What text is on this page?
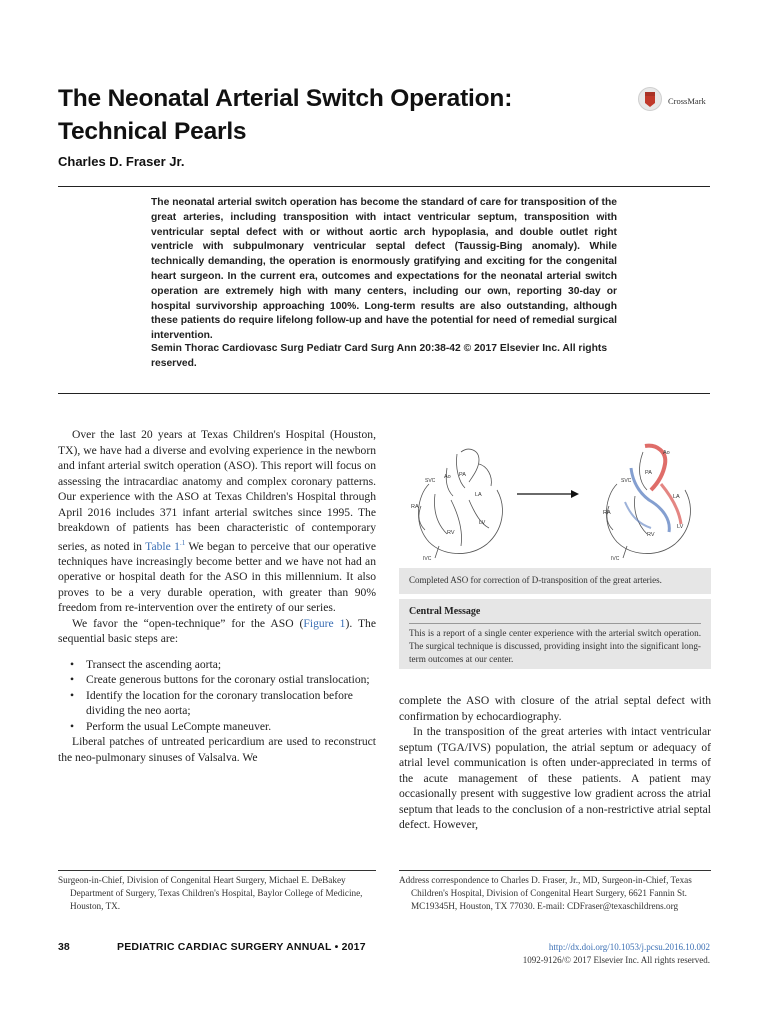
The Neonatal Arterial Switch Operation:
Technical Pearls
CrossMark
Charles D. Fraser Jr.
The neonatal arterial switch operation has become the standard of care for transposition of the great arteries, including transposition with intact ventricular septum, transposition with ventricular septal defect with or without aortic arch hypoplasia, and double outlet right ventricle with subpulmonary ventricular septal defect (Taussig-Bing anomaly). While technically demanding, the operation is enormously gratifying and exciting for the congenital heart surgeon. In the current era, outcomes and expectations for the neonatal arterial switch operation are extremely high with many centers, including our own, reporting 30-day or hospital survivorship approaching 100%. Long-term results are also outstanding, although these patients do require lifelong follow-up and have the potential for need of remedial surgical intervention.
Semin Thorac Cardiovasc Surg Pediatr Card Surg Ann 20:38-42 © 2017 Elsevier Inc. All rights reserved.

Over the last 20 years at Texas Children's Hospital (Houston, TX), we have had a diverse and evolving experience in the newborn and infant arterial switch operation (ASO). This report will focus on assessing the intracardiac anatomy and complex coronary patterns. Our experience with the ASO at Texas Children's Hospital through April 2016 includes 371 infant arterial switches since 1995. The breakdown of patients has been characteristic of contemporary series, as noted in Table $1^{.1}$ We began to perceive that our operative techniques have increasingly become better and we have not had an operative or hospital death for the ASO in this millennium. It also proves to be a very durable operation, with greater than 90% freedom from re-intervention over the entirety of our series.

We favor the “open-technique” for the ASO (Figure 1). The sequential basic steps are:

• Transect the ascending aorta;
• Create generous buttons for the coronary ostial translocation;
• Identify the location for the coronary translocation before dividing the neo aorta;
• Perform the usual LeCompte maneuver.

Liberal patches of untreated pericardium are used to reconstruct the neo-pulmonary sinuses of Valsalva. We

RA
SVC
Ao PA
LA
LV
RV
IVC
Ao
PA
SVC
RA
LA
LV
RV
IVC
Completed ASO for correction of D-transposition of the great arteries.
Central Message
This is a report of a single center experience with the arterial switch operation. The surgical technique is discussed, providing insight into the significant long-term outcomes at our center.

complete the ASO with closure of the atrial septal defect with confirmation by echocardiography.

In the transposition of the great arteries with intact ventricular septum (TGA/IVS) population, the atrial septum or adequacy of atrial level communication is often under-appreciated in terms of the acute management of these patients. A patient may occasionally present with suggestive low gradient across the atrial septum that leads to the conclusion of a non-restrictive atrial septal defect. However,

Surgeon-in-Chief, Division of Congenital Heart Surgery, Michael E. DeBakey Department of Surgery, Texas Children's Hospital, Baylor College of Medicine, Houston, TX.
Address correspondence to Charles D. Fraser, Jr., MD, Surgeon-in-Chief, Texas Children's Hospital, Division of Congenital Heart Surgery, 6621 Fannin St. MC19345H, Houston, TX 77030. E-mail: CDFraser@texaschildrens.org
38	PEDIATRIC CARDIAC SURGERY ANNUAL • 2017	http://dx.doi.org/10.1053/j.pcsu.2016.10.002
1092-9126/© 2017 Elsevier Inc. All rights reserved.
